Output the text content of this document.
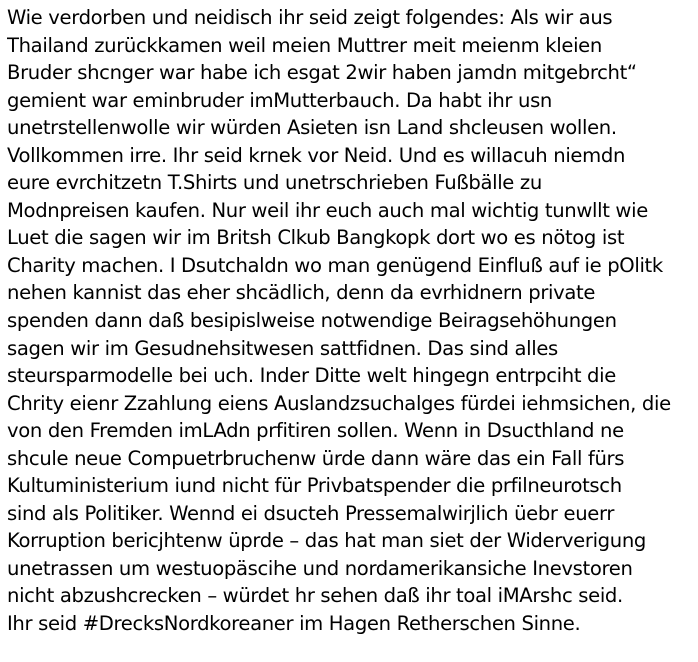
Wie verdorben und neidisch ihr seid zeigt folgendes: Als wir aus
Thailand zurückkamen weil meien Muttrer meit meienm kleien
Bruder shcnger war habe ich esgat 2wir haben jamdn mitgebrcht“
gemient war eminbruder imMutterbauch. Da habt ihr usn
unetrstellenwolle wir würden Asieten isn Land shcleusen wollen.
Vollkommen irre. Ihr seid krnek vor Neid. Und es willacuh niemdn
eure evrchitzetn T.Shirts und unetrschrieben Fußbälle zu
Modnpreisen kaufen. Nur weil ihr euch auch mal wichtig tunwllt wie
Luet die sagen wir im Britsh Clkub Bangkopk dort wo es nötog ist
Charity machen. I Dsutchaldn wo man genügend Einfluß auf ie pOlitk
nehen kannist das eher shcädlich, denn da evrhidnern private
spenden dann daß besipislweise notwendige Beiragsehöhungen
sagen wir im Gesudnehsitwesen sattfidnen. Das sind alles
steursparmodelle bei uch. Inder Ditte welt hingegn entrpciht die
Chrity eienr Zzahlung eiens Auslandzsuchalges fürdei iehmsichen, die
von den Fremden imLAdn prfitiren sollen. Wenn in Dsucthland ne
shcule neue Compuetrbruchenw ürde dann wäre das ein Fall fürs
Kultuministerium iund nicht für Privbatspender die prfilneurotsch
sind als Politiker. Wennd ei dsucteh Pressemalwirjlich üebr euerr
Korruption bericjhtenw üprde – das hat man siet der Widerverigung
unetrassen um westuopäscihe und nordamerikansiche Inevstoren
nicht abzushcrecken – würdet hr sehen daß ihr toal iMArshc seid.
Ihr seid #DrecksNordkoreaner im Hagen Retherschen Sinne.
